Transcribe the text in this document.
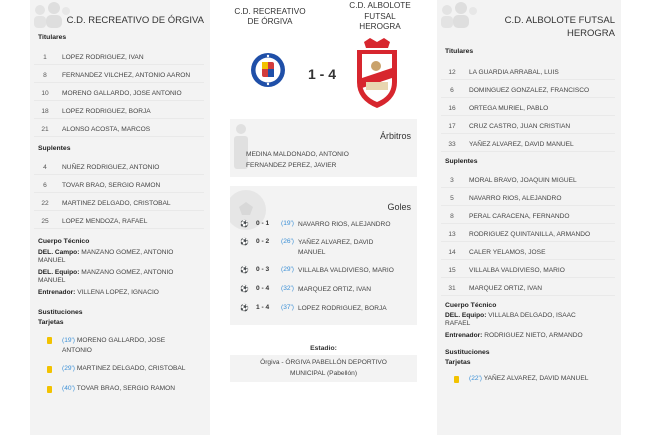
C.D. RECREATIVO DE ÓRGIVA
Titulares
1	LOPEZ RODRIGUEZ, IVAN
8	FERNANDEZ VILCHEZ, ANTONIO AARON
10	MORENO GALLARDO, JOSE ANTONIO
18	LOPEZ RODRIGUEZ, BORJA
21	ALONSO ACOSTA, MARCOS
Suplentes
4	NUÑEZ RODRIGUEZ, ANTONIO
6	TOVAR BRAO, SERGIO RAMON
22	MARTINEZ DELGADO, CRISTOBAL
25	LOPEZ MENDOZA, RAFAEL
Cuerpo Técnico
DEL. Campo: MANZANO GOMEZ, ANTONIO
MANUEL
DEL. Equipo: MANZANO GOMEZ, ANTONIO
MANUEL
Entrenador: VILLENA LOPEZ, IGNACIO
Sustituciones
Tarjetas
(19') MORENO GALLARDO, JOSE
ANTONIO
(29') MARTINEZ DELGADO, CRISTOBAL
(40') TOVAR BRAO, SERGIO RAMON
C.D. RECREATIVO
DE ÓRGIVA
C.D. ALBOLOTE
FUTSAL
HEROGRA
1 - 4
Árbitros
MEDINA MALDONADO, ANTONIO
FERNANDEZ PEREZ, JAVIER
Goles
⚽ 0 - 1 (19') NAVARRO RIOS, ALEJANDRO
⚽ 0 - 2 (26') YAÑEZ ALVAREZ, DAVID
MANUEL
⚽ 0 - 3 (29') VILLALBA VALDIVIESO, MARIO
⚽ 0 - 4 (32') MARQUEZ ORTIZ, IVAN
⚽ 1 - 4 (37') LOPEZ RODRIGUEZ, BORJA
Estadio:
Órgiva - ÓRGIVA PABELLÓN DEPORTIVO
MUNICIPAL (Pabellón)
C.D. ALBOLOTE FUTSAL
HEROGRA
Titulares
12	LA GUARDIA ARRABAL, LUIS
6	DOMINGUEZ GONZALEZ, FRANCISCO
16	ORTEGA MURIEL, PABLO
17	CRUZ CASTRO, JUAN CRISTIAN
33	YAÑEZ ALVAREZ, DAVID MANUEL
Suplentes
3	MORAL BRAVO, JOAQUIN MIGUEL
5	NAVARRO RIOS, ALEJANDRO
8	PERAL CARACENA, FERNANDO
13	RODRIGUEZ QUINTANILLA, ARMANDO
14	CALER YELAMOS, JOSE
15	VILLALBA VALDIVIESO, MARIO
31	MARQUEZ ORTIZ, IVAN
Cuerpo Técnico
DEL. Equipo: VILLALBA DELGADO, ISAAC
RAFAEL
Entrenador: RODRIGUEZ NIETO, ARMANDO
Sustituciones
Tarjetas
(22') YAÑEZ ALVAREZ, DAVID MANUEL
